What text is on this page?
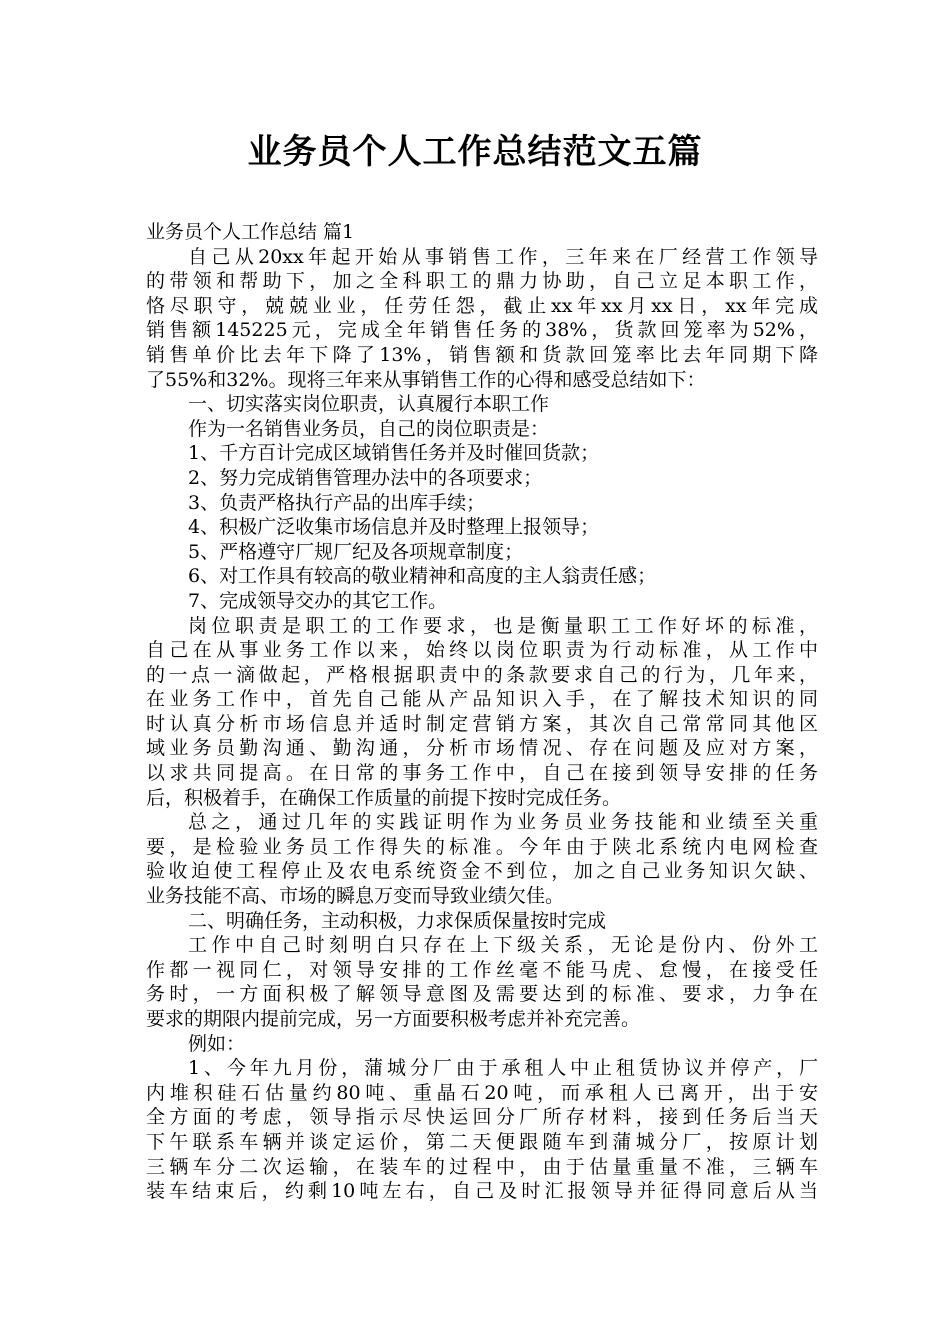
业务员个人工作总结范文五篇
业务员个人工作总结 篇1
自己从20xx年起开始从事销售工作，三年来在厂经营工作领导
的带领和帮助下，加之全科职工的鼎力协助，自己立足本职工作，
恪尽职守，兢兢业业，任劳任怨，截止xx年xx月xx日，xx年完成
销售额145225元，完成全年销售任务的38%，货款回笼率为52%，
销售单价比去年下降了13%，销售额和货款回笼率比去年同期下降
了55%和32%。现将三年来从事销售工作的心得和感受总结如下：
一、切实落实岗位职责，认真履行本职工作
作为一名销售业务员，自己的岗位职责是：
1、千方百计完成区域销售任务并及时催回货款；
2、努力完成销售管理办法中的各项要求；
3、负责严格执行产品的出库手续；
4、积极广泛收集市场信息并及时整理上报领导；
5、严格遵守厂规厂纪及各项规章制度；
6、对工作具有较高的敬业精神和高度的主人翁责任感；
7、完成领导交办的其它工作。
岗位职责是职工的工作要求，也是衡量职工工作好坏的标准，
自己在从事业务工作以来，始终以岗位职责为行动标准，从工作中
的一点一滴做起，严格根据职责中的条款要求自己的行为，几年来，
在业务工作中，首先自己能从产品知识入手，在了解技术知识的同
时认真分析市场信息并适时制定营销方案，其次自己常常同其他区
域业务员勤沟通、勤沟通，分析市场情况、存在问题及应对方案，
以求共同提高。在日常的事务工作中，自己在接到领导安排的任务
后，积极着手，在确保工作质量的前提下按时完成任务。
总之，通过几年的实践证明作为业务员业务技能和业绩至关重
要，是检验业务员工作得失的标准。今年由于陕北系统内电网检查
验收迫使工程停止及农电系统资金不到位，加之自己业务知识欠缺、
业务技能不高、市场的瞬息万变而导致业绩欠佳。
二、明确任务，主动积极，力求保质保量按时完成
工作中自己时刻明白只存在上下级关系，无论是份内、份外工
作都一视同仁，对领导安排的工作丝毫不能马虎、怠慢，在接受任
务时，一方面积极了解领导意图及需要达到的标准、要求，力争在
要求的期限内提前完成，另一方面要积极考虑并补充完善。
例如：
1、今年九月份，蒲城分厂由于承租人中止租赁协议并停产，厂
内堆积硅石估量约80吨、重晶石20吨，而承租人已离开，出于安
全方面的考虑，领导指示尽快运回分厂所存材料，接到任务后当天
下午联系车辆并谈定运价，第二天便跟随车到蒲城分厂，按原计划
三辆车分二次运输，在装车的过程中，由于估量重量不准，三辆车
装车结束后，约剩10吨左右，自己及时汇报领导并征得同意后从当
